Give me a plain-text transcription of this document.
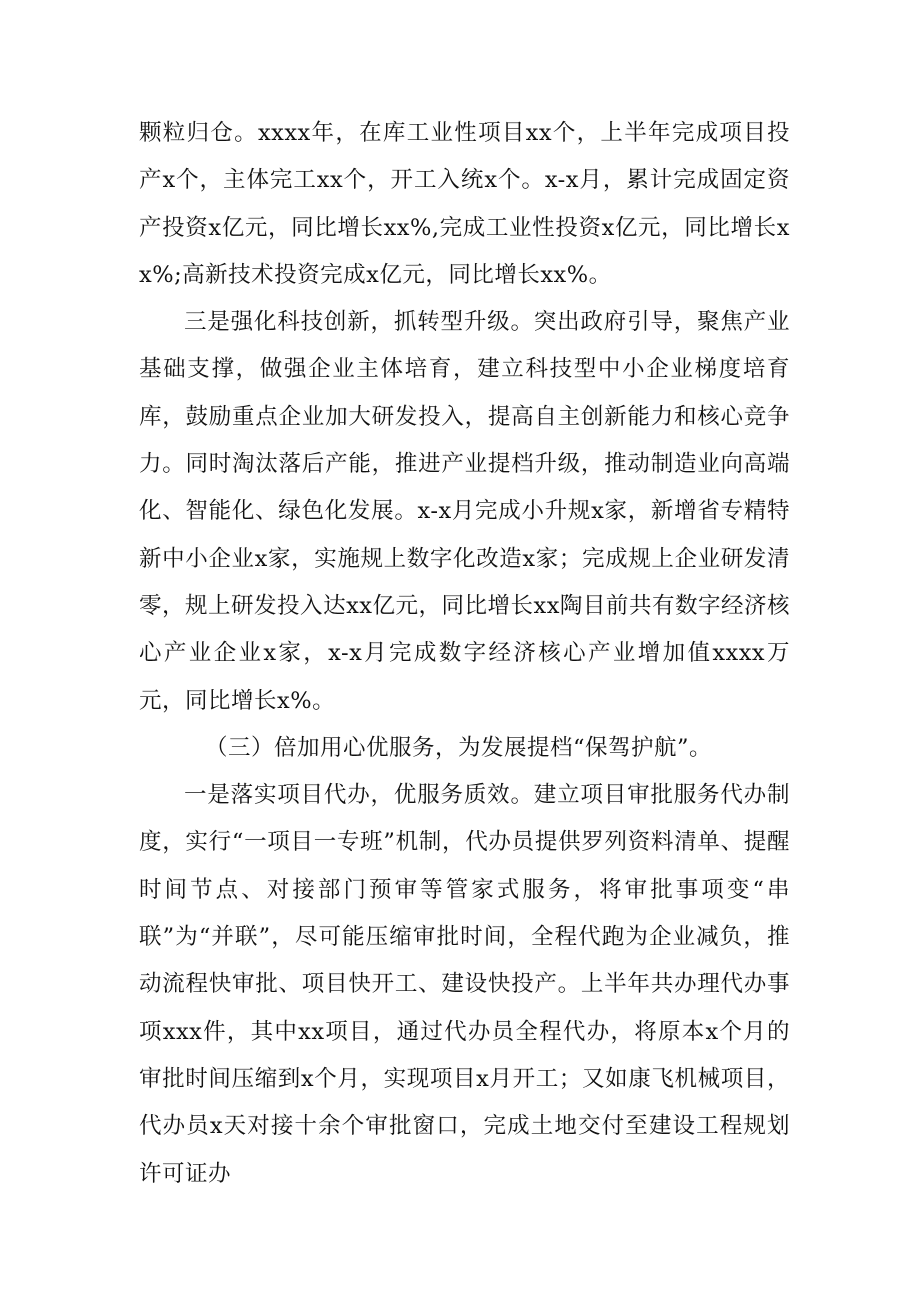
颗粒归仓。xxxx年，在库工业性项目xx个，上半年完成项目投产x个，主体完工xx个，开工入统x个。x-x月，累计完成固定资产投资x亿元，同比增长xx%,完成工业性投资x亿元，同比增长xx%;高新技术投资完成x亿元，同比增长xx%。

三是强化科技创新，抓转型升级。突出政府引导，聚焦产业基础支撑，做强企业主体培育，建立科技型中小企业梯度培育库，鼓励重点企业加大研发投入，提高自主创新能力和核心竞争力。同时淘汰落后产能，推进产业提档升级，推动制造业向高端化、智能化、绿色化发展。x-x月完成小升规x家，新增省专精特新中小企业x家，实施规上数字化改造x家；完成规上企业研发清零，规上研发投入达xx亿元，同比增长xx陶目前共有数字经济核心产业企业x家，x-x月完成数字经济核心产业增加值xxxx万元，同比增长x%。

（三）倍加用心优服务，为发展提档“保驾护航”。

一是落实项目代办，优服务质效。建立项目审批服务代办制度，实行“一项目一专班”机制，代办员提供罗列资料清单、提醒时间节点、对接部门预审等管家式服务，将审批事项变“串联”为“并联”，尽可能压缩审批时间，全程代跑为企业减负，推动流程快审批、项目快开工、建设快投产。上半年共办理代办事项xxx件，其中xx项目，通过代办员全程代办，将原本x个月的审批时间压缩到x个月，实现项目x月开工；又如康飞机械项目，代办员x天对接十余个审批窗口，完成土地交付至建设工程规划许可证办
